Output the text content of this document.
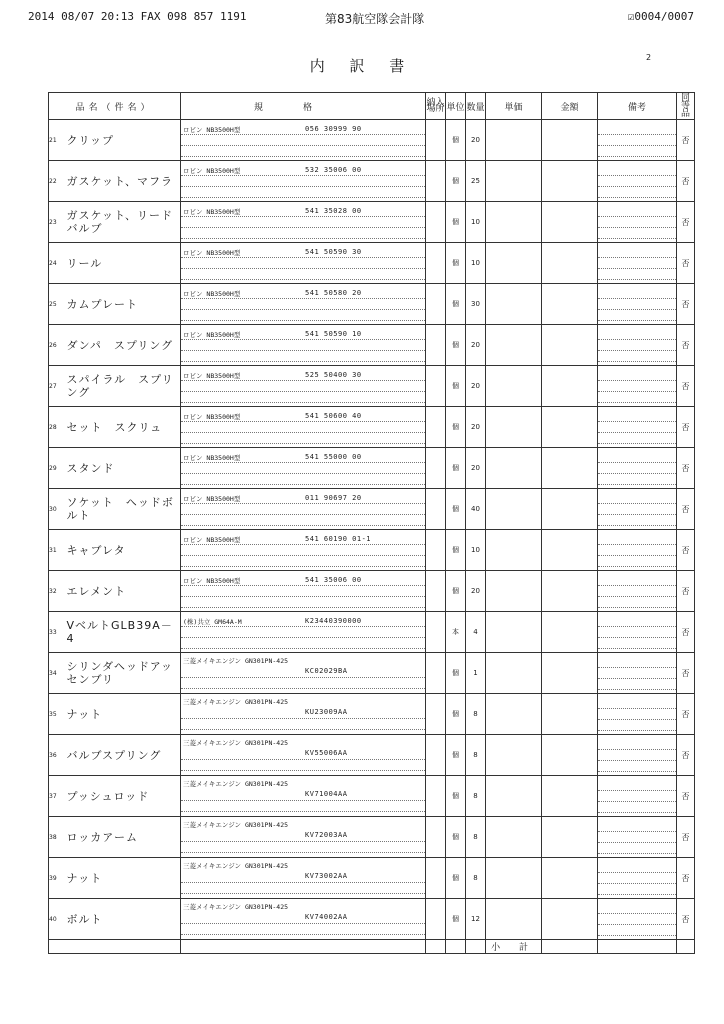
2014 08/07 20:13 FAX 098 857 1191	第83航空隊会計隊	☑0004/0007
内 訳 書	2
品名（件名）		規格	納入場所	単位	数量	単価	金額	備考	同等品
21	クリップ	ロビン NB3500H型 056 30999 90		個	20				否
22	ガスケット、マフラ	ロビン NB3500H型 532 35006 00		個	25				否
23	ガスケット、リードバルブ	ロビン NB3500H型 541 35028 00		個	10				否
24	リール	ロビン NB3500H型 541 50590 30		個	10				否
25	カムプレート	ロビン NB3500H型 541 50580 20		個	30				否
26	ダンパ　スプリング	ロビン NB3500H型 541 50590 10		個	20				否
27	スパイラル　スプリング	ロビン NB3500H型 525 50400 30		個	20				否
28	セット　スクリュ	ロビン NB3500H型 541 50600 40		個	20				否
29	スタンド	ロビン NB3500H型 541 55000 00		個	20				否
30	ソケット　ヘッドボルト	ロビン NB3500H型 011 90697 20		個	40				否
31	キャブレタ	ロビン NB3500H型 541 60190 01-1		個	10				否
32	エレメント	ロビン NB3500H型 541 35006 00		個	20				否
33	VベルトGLB39A－4	(株)共立 GM64A-M K23440390000		本	4				否
34	シリンダヘッドアッセンブリ	三菱メイキエンジン GN301PN-425
KC02029BA		個	1				否
35	ナット	三菱メイキエンジン GN301PN-425
KU23009AA		個	8				否
36	バルブスプリング	三菱メイキエンジン GN301PN-425
KV55006AA		個	8				否
37	プッシュロッド	三菱メイキエンジン GN301PN-425
KV71004AA		個	8				否
38	ロッカアーム	三菱メイキエンジン GN301PN-425
KV72003AA		個	8				否
39	ナット	三菱メイキエンジン GN301PN-425
KV73002AA		個	8				否
40	ボルト	三菱メイキエンジン GN301PN-425
KV74002AA		個	12				否
						小 計			
